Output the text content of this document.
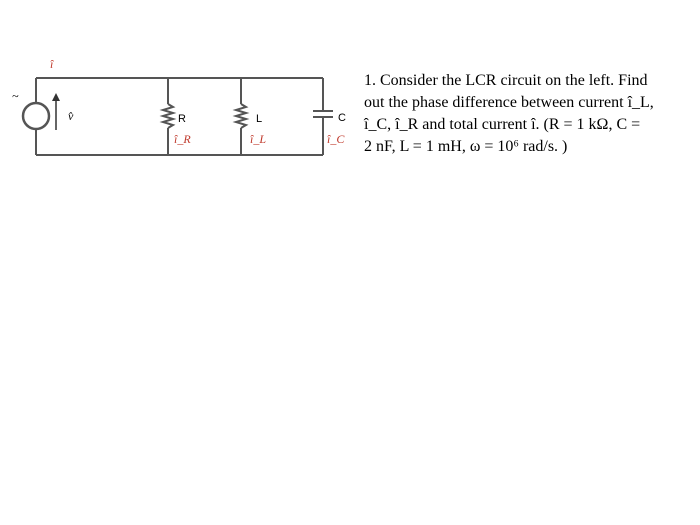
~
v̂
î
R
î_R
L
î_L
C
î_C

1. Consider the LCR circuit on the left. Find

out the phase difference between current î_L,

î_C, î_R and total current î. (R = 1 kΩ, C =

2 nF, L = 1 mH, ω = 10⁶ rad/s. )
